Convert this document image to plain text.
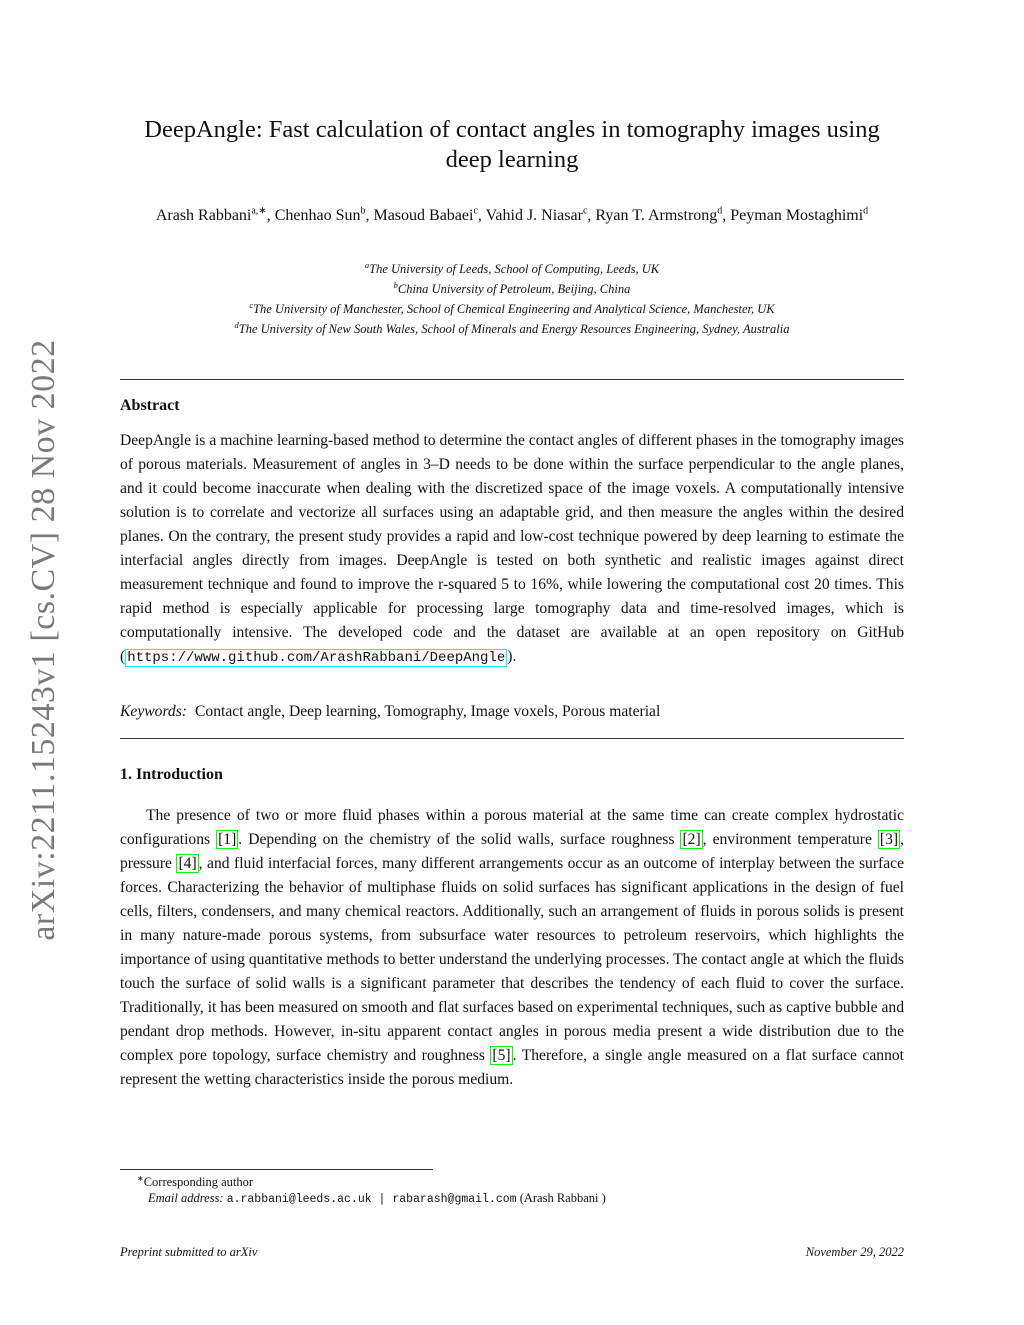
arXiv:2211.15243v1 [cs.CV] 28 Nov 2022
DeepAngle: Fast calculation of contact angles in tomography images using
deep learning
Arash Rabbani$^{a,∗}$, Chenhao Sun$^b$, Masoud Babaei$^c$, Vahid J. Niasar$^c$, Ryan T. Armstrong$^d$, Peyman Mostaghimi$^d$
$^a$The University of Leeds, School of Computing, Leeds, UK
$^b$China University of Petroleum, Beijing, China
$^c$The University of Manchester, School of Chemical Engineering and Analytical Science, Manchester, UK
$^d$The University of New South Wales, School of Minerals and Energy Resources Engineering, Sydney, Australia
Abstract
DeepAngle is a machine learning-based method to determine the contact angles of different phases in the tomography images of porous materials. Measurement of angles in 3–D needs to be done within the surface perpendicular to the angle planes, and it could become inaccurate when dealing with the discretized space of the image voxels. A computationally intensive solution is to correlate and vectorize all surfaces using an adaptable grid, and then measure the angles within the desired planes. On the contrary, the present study provides a rapid and low-cost technique powered by deep learning to estimate the interfacial angles directly from images. DeepAngle is tested on both synthetic and realistic images against direct measurement technique and found to improve the r-squared 5 to 16%, while lowering the computational cost 20 times. This rapid method is especially applicable for processing large tomography data and time-resolved images, which is computationally intensive. The developed code and the dataset are available at an open repository on GitHub ( https://www.github.com/ArashRabbani/DeepAngle ).
Keywords: Contact angle, Deep learning, Tomography, Image voxels, Porous material
1. Introduction
The presence of two or more fluid phases within a porous material at the same time can create complex hydrostatic configurations [1] . Depending on the chemistry of the solid walls, surface roughness [2] , environment temperature [3] , pressure [4] , and fluid interfacial forces, many different arrangements occur as an outcome of interplay between the surface forces. Characterizing the behavior of multiphase fluids on solid surfaces has significant applications in the design of fuel cells, filters, condensers, and many chemical reactors. Additionally, such an arrangement of fluids in porous solids is present in many nature-made porous systems, from subsurface water resources to petroleum reservoirs, which highlights the importance of using quantitative methods to better understand the underlying processes. The contact angle at which the fluids touch the surface of solid walls is a significant parameter that describes the tendency of each fluid to cover the surface. Traditionally, it has been measured on smooth and flat surfaces based on experimental techniques, such as captive bubble and pendant drop methods. However, in-situ apparent contact angles in porous media present a wide distribution due to the complex pore topology, surface chemistry and roughness [5] . Therefore, a single angle measured on a flat surface cannot represent the wetting characteristics inside the porous medium.
∗Corresponding author
Email address: a.rabbani@leeds.ac.uk | rabarash@gmail.com (Arash Rabbani )
Preprint submitted to arXiv	November 29, 2022
